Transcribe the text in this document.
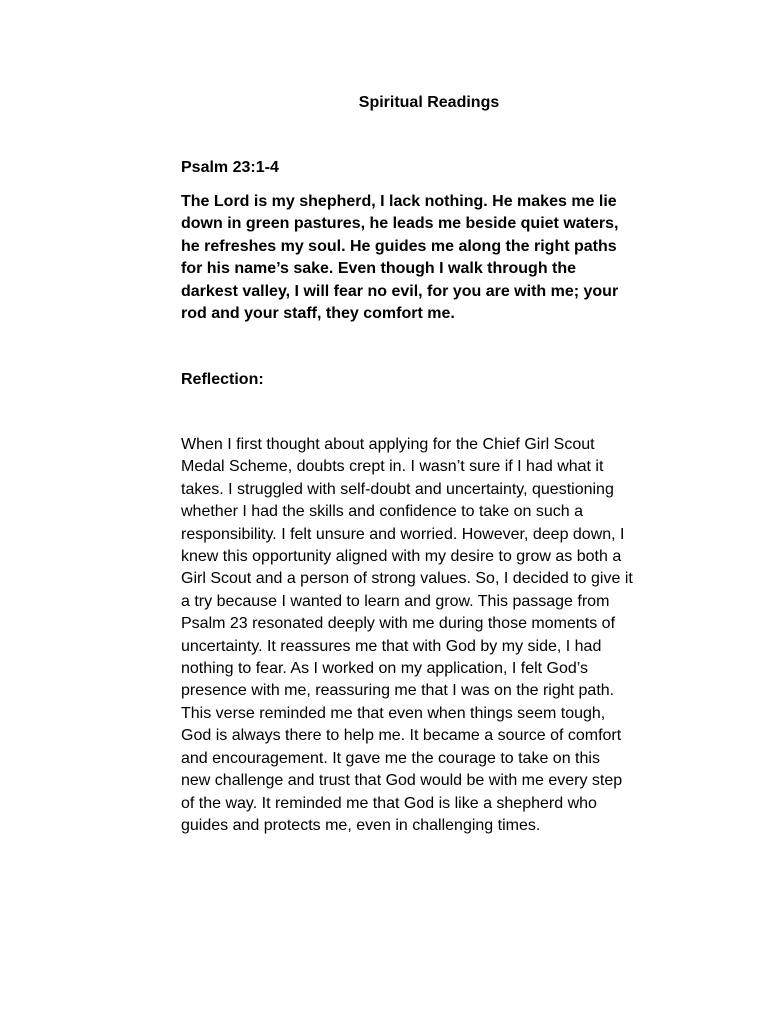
Spiritual Readings
Psalm 23:1-4

The Lord is my shepherd, I lack nothing. He makes me lie
down in green pastures, he leads me beside quiet waters,
he refreshes my soul. He guides me along the right paths
for his name’s sake. Even though I walk through the
darkest valley, I will fear no evil, for you are with me; your
rod and your staff, they comfort me.

Reflection:

When I first thought about applying for the Chief Girl Scout
Medal Scheme, doubts crept in. I wasn’t sure if I had what it
takes. I struggled with self-doubt and uncertainty, questioning
whether I had the skills and confidence to take on such a
responsibility. I felt unsure and worried. However, deep down, I
knew this opportunity aligned with my desire to grow as both a
Girl Scout and a person of strong values. So, I decided to give it
a try because I wanted to learn and grow. This passage from
Psalm 23 resonated deeply with me during those moments of
uncertainty. It reassures me that with God by my side, I had
nothing to fear. As I worked on my application, I felt God’s
presence with me, reassuring me that I was on the right path.
This verse reminded me that even when things seem tough,
God is always there to help me. It became a source of comfort
and encouragement. It gave me the courage to take on this
new challenge and trust that God would be with me every step
of the way. It reminded me that God is like a shepherd who
guides and protects me, even in challenging times.
